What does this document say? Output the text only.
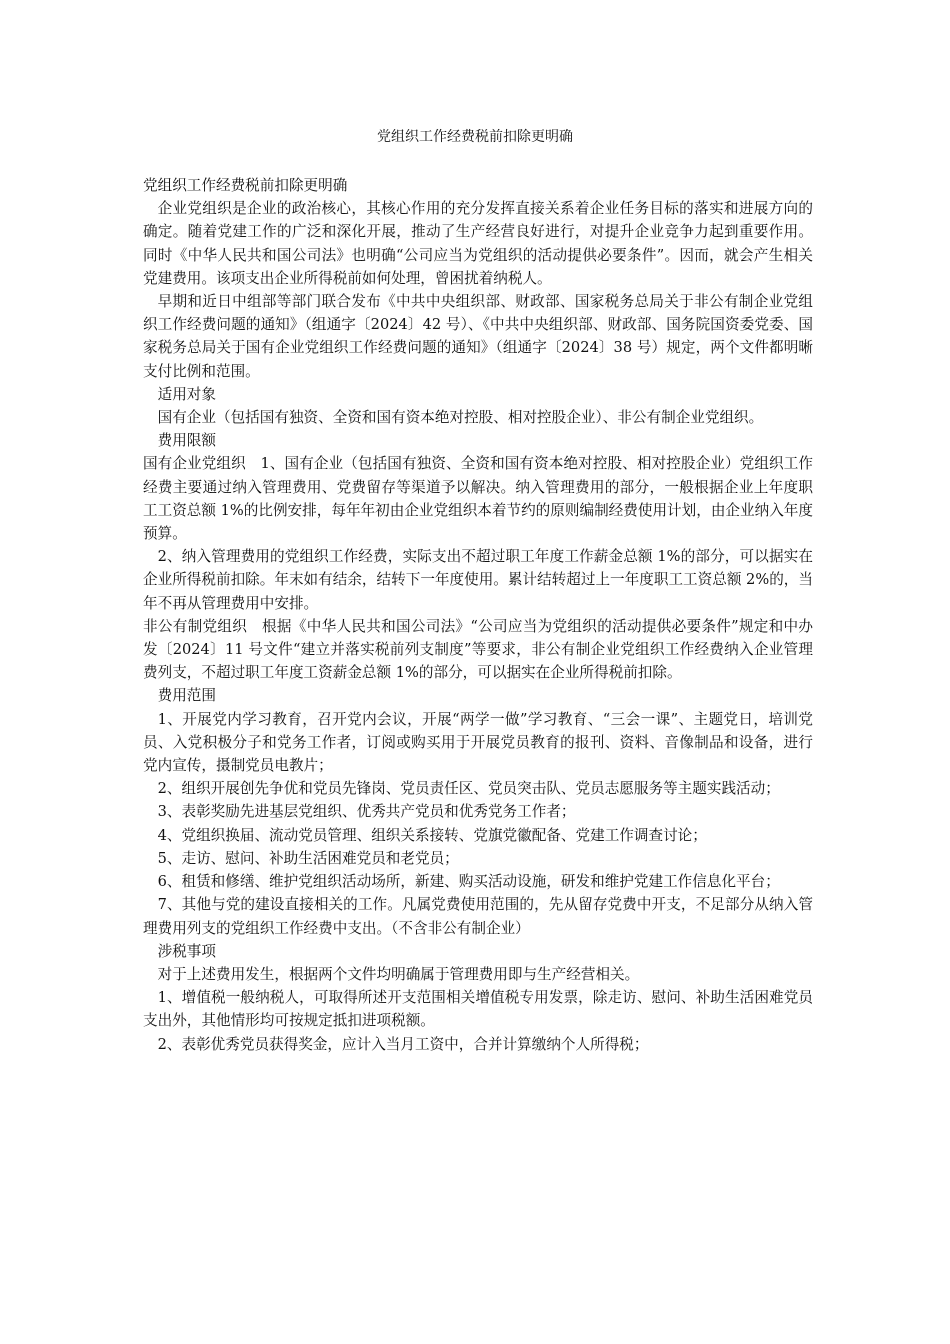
党组织工作经费税前扣除更明确

党组织工作经费税前扣除更明确

企业党组织是企业的政治核心，其核心作用的充分发挥直接关系着企业任务目标的落实和进展方向的确定。随着党建工作的广泛和深化开展，推动了生产经营良好进行，对提升企业竞争力起到重要作用。同时《中华人民共和国公司法》也明确“公司应当为党组织的活动提供必要条件”。因而，就会产生相关党建费用。该项支出企业所得税前如何处理，曾困扰着纳税人。

早期和近日中组部等部门联合发布《中共中央组织部、财政部、国家税务总局关于非公有制企业党组织工作经费问题的通知》（组通字〔2024〕42 号）、《中共中央组织部、财政部、国务院国资委党委、国家税务总局关于国有企业党组织工作经费问题的通知》（组通字〔2024〕38 号）规定，两个文件都明晰支付比例和范围。

适用对象

国有企业（包括国有独资、全资和国有资本绝对控股、相对控股企业）、非公有制企业党组织。

费用限额

国有企业党组织　1、国有企业（包括国有独资、全资和国有资本绝对控股、相对控股企业）党组织工作经费主要通过纳入管理费用、党费留存等渠道予以解决。纳入管理费用的部分，一般根据企业上年度职工工资总额 1%的比例安排，每年年初由企业党组织本着节约的原则编制经费使用计划，由企业纳入年度预算。

2、纳入管理费用的党组织工作经费，实际支出不超过职工年度工作薪金总额 1%的部分，可以据实在企业所得税前扣除。年末如有结余，结转下一年度使用。累计结转超过上一年度职工工资总额 2%的，当年不再从管理费用中安排。

非公有制党组织　根据《中华人民共和国公司法》“公司应当为党组织的活动提供必要条件”规定和中办发〔2024〕11 号文件“建立并落实税前列支制度”等要求，非公有制企业党组织工作经费纳入企业管理费列支，不超过职工年度工资薪金总额 1%的部分，可以据实在企业所得税前扣除。

费用范围

1、开展党内学习教育，召开党内会议，开展“两学一做”学习教育、“三会一课”、主题党日，培训党员、入党积极分子和党务工作者，订阅或购买用于开展党员教育的报刊、资料、音像制品和设备，进行党内宣传，摄制党员电教片；

2、组织开展创先争优和党员先锋岗、党员责任区、党员突击队、党员志愿服务等主题实践活动；

3、表彰奖励先进基层党组织、优秀共产党员和优秀党务工作者；

4、党组织换届、流动党员管理、组织关系接转、党旗党徽配备、党建工作调查讨论；

5、走访、慰问、补助生活困难党员和老党员；

6、租赁和修缮、维护党组织活动场所，新建、购买活动设施，研发和维护党建工作信息化平台；

7、其他与党的建设直接相关的工作。凡属党费使用范围的，先从留存党费中开支，不足部分从纳入管理费用列支的党组织工作经费中支出。（不含非公有制企业）

涉税事项

对于上述费用发生，根据两个文件均明确属于管理费用即与生产经营相关。

1、增值税一般纳税人，可取得所述开支范围相关增值税专用发票，除走访、慰问、补助生活困难党员支出外，其他情形均可按规定抵扣进项税额。

2、表彰优秀党员获得奖金，应计入当月工资中，合并计算缴纳个人所得税；
